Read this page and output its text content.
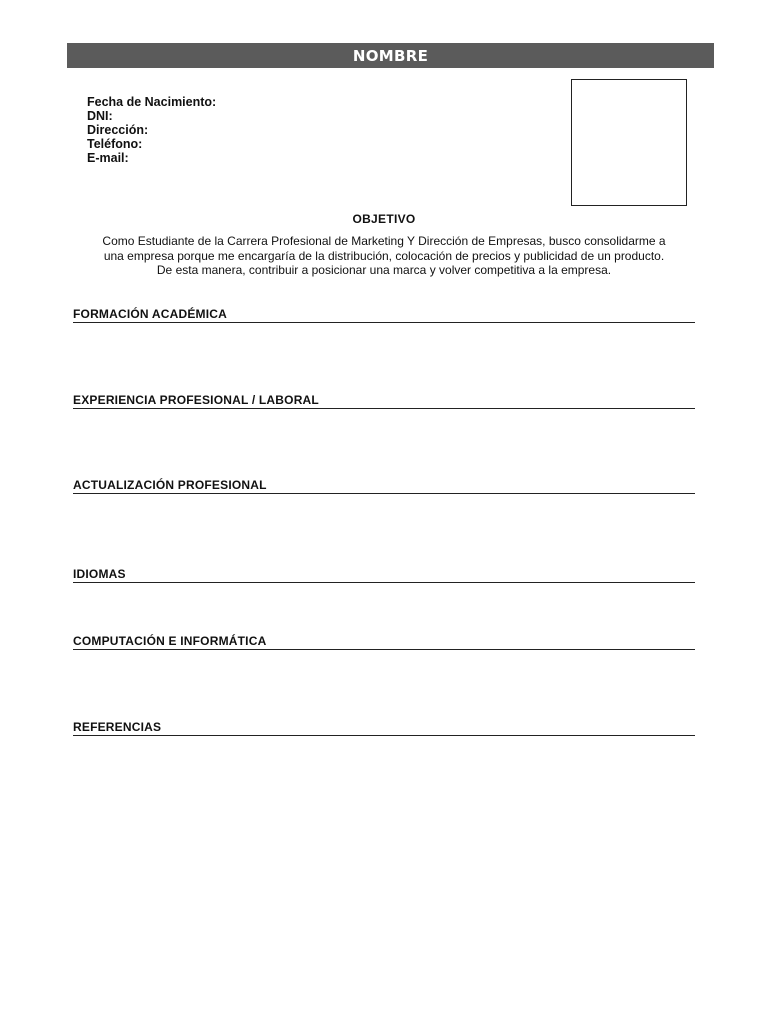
NOMBRE
Fecha de Nacimiento:
DNI:
Dirección:
Teléfono:
E-mail:
OBJETIVO
Como Estudiante de la Carrera Profesional de Marketing Y Dirección de Empresas, busco consolidarme a
una empresa porque me encargaría de la distribución, colocación de precios y publicidad de un producto.
De esta manera, contribuir a posicionar una marca y volver competitiva a la empresa.
FORMACIÓN ACADÉMICA
EXPERIENCIA PROFESIONAL / LABORAL
ACTUALIZACIÓN PROFESIONAL
IDIOMAS
COMPUTACIÓN E INFORMÁTICA
REFERENCIAS
